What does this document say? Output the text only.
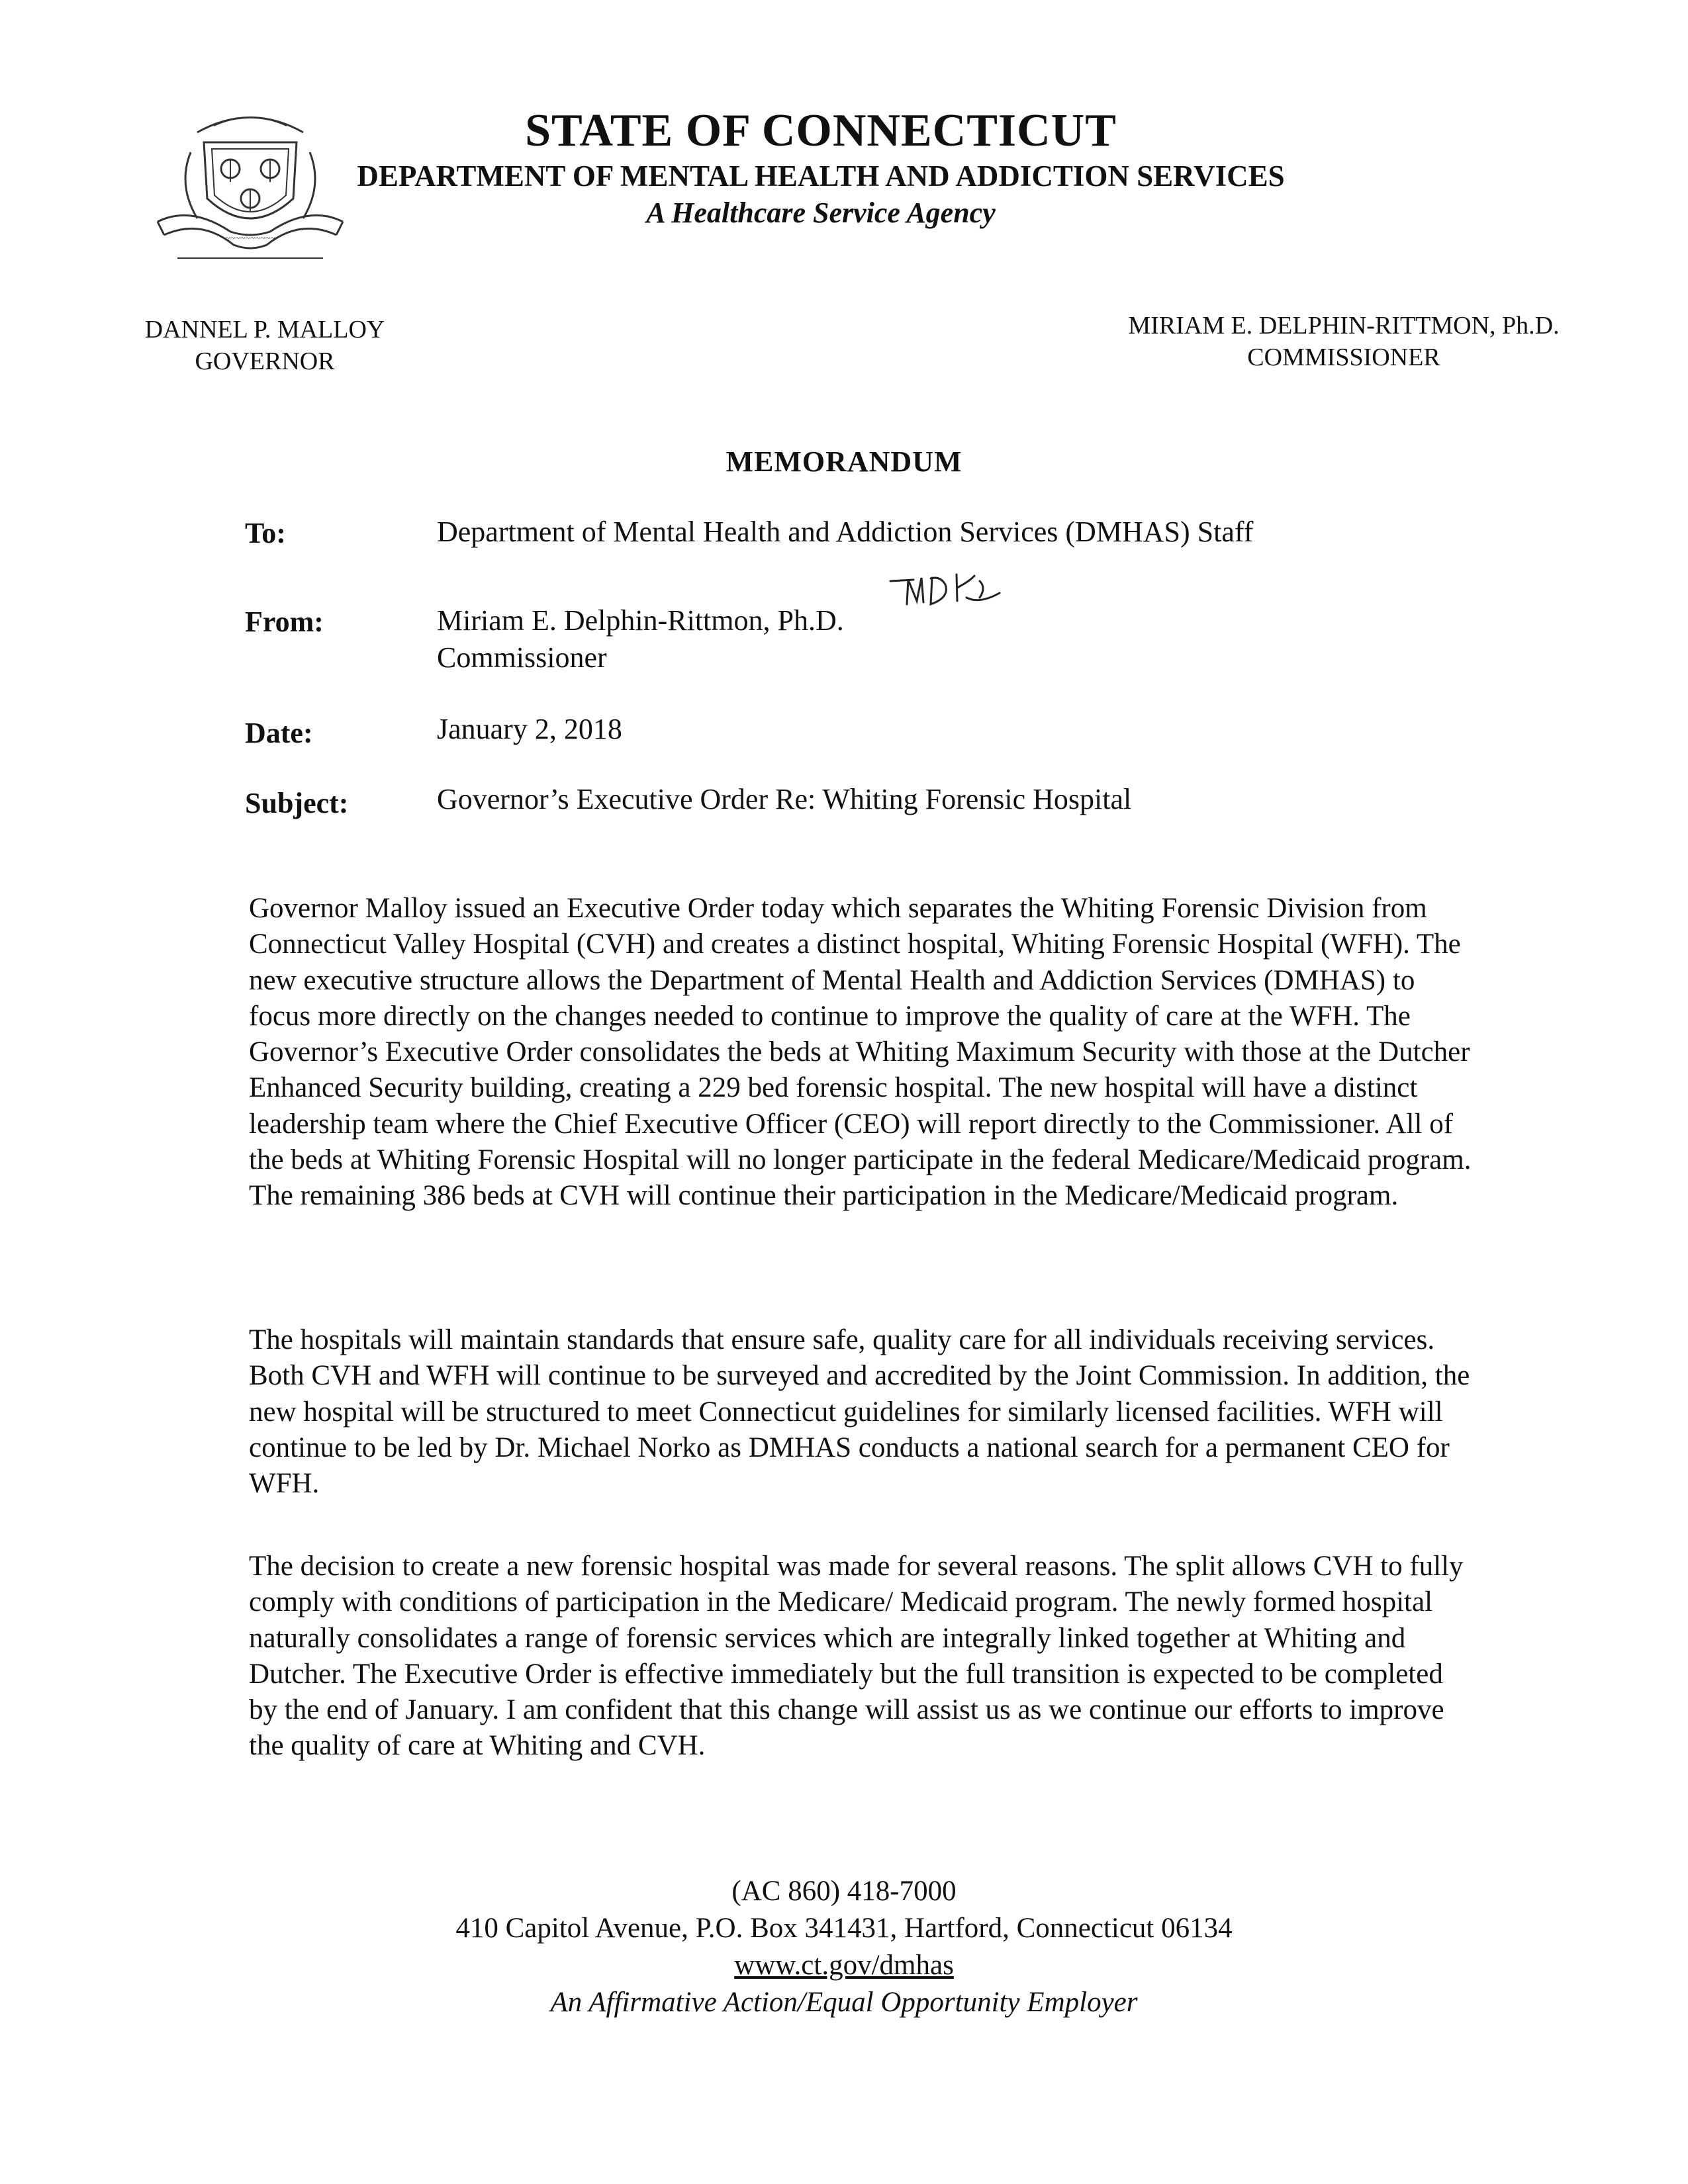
~~~~~~~~~~
STATE OF CONNECTICUT
DEPARTMENT OF MENTAL HEALTH AND ADDICTION SERVICES
A Healthcare Service Agency
DANNEL P. MALLOY
GOVERNOR
MIRIAM E. DELPHIN-RITTMON, Ph.D.
COMMISSIONER
MEMORANDUM
To:	Department of Mental Health and Addiction Services (DMHAS) Staff
From:	Miriam E. Delphin-Rittmon, Ph.D.
Commissioner
Date:	January 2, 2018
Subject:	Governor’s Executive Order Re: Whiting Forensic Hospital
Governor Malloy issued an Executive Order today which separates the Whiting Forensic Division from Connecticut Valley Hospital (CVH) and creates a distinct hospital, Whiting Forensic Hospital (WFH). The new executive structure allows the Department of Mental Health and Addiction Services (DMHAS) to focus more directly on the changes needed to continue to improve the quality of care at the WFH. The Governor’s Executive Order consolidates the beds at Whiting Maximum Security with those at the Dutcher Enhanced Security building, creating a 229 bed forensic hospital. The new hospital will have a distinct leadership team where the Chief Executive Officer (CEO) will report directly to the Commissioner. All of the beds at Whiting Forensic Hospital will no longer participate in the federal Medicare/Medicaid program. The remaining 386 beds at CVH will continue their participation in the Medicare/Medicaid program.
The hospitals will maintain standards that ensure safe, quality care for all individuals receiving services. Both CVH and WFH will continue to be surveyed and accredited by the Joint Commission. In addition, the new hospital will be structured to meet Connecticut guidelines for similarly licensed facilities. WFH will continue to be led by Dr. Michael Norko as DMHAS conducts a national search for a permanent CEO for WFH.
The decision to create a new forensic hospital was made for several reasons. The split allows CVH to fully comply with conditions of participation in the Medicare/ Medicaid program. The newly formed hospital naturally consolidates a range of forensic services which are integrally linked together at Whiting and Dutcher. The Executive Order is effective immediately but the full transition is expected to be completed by the end of January. I am confident that this change will assist us as we continue our efforts to improve the quality of care at Whiting and CVH.
(AC 860) 418-7000
410 Capitol Avenue, P.O. Box 341431, Hartford, Connecticut 06134
www.ct.gov/dmhas
An Affirmative Action/Equal Opportunity Employer
